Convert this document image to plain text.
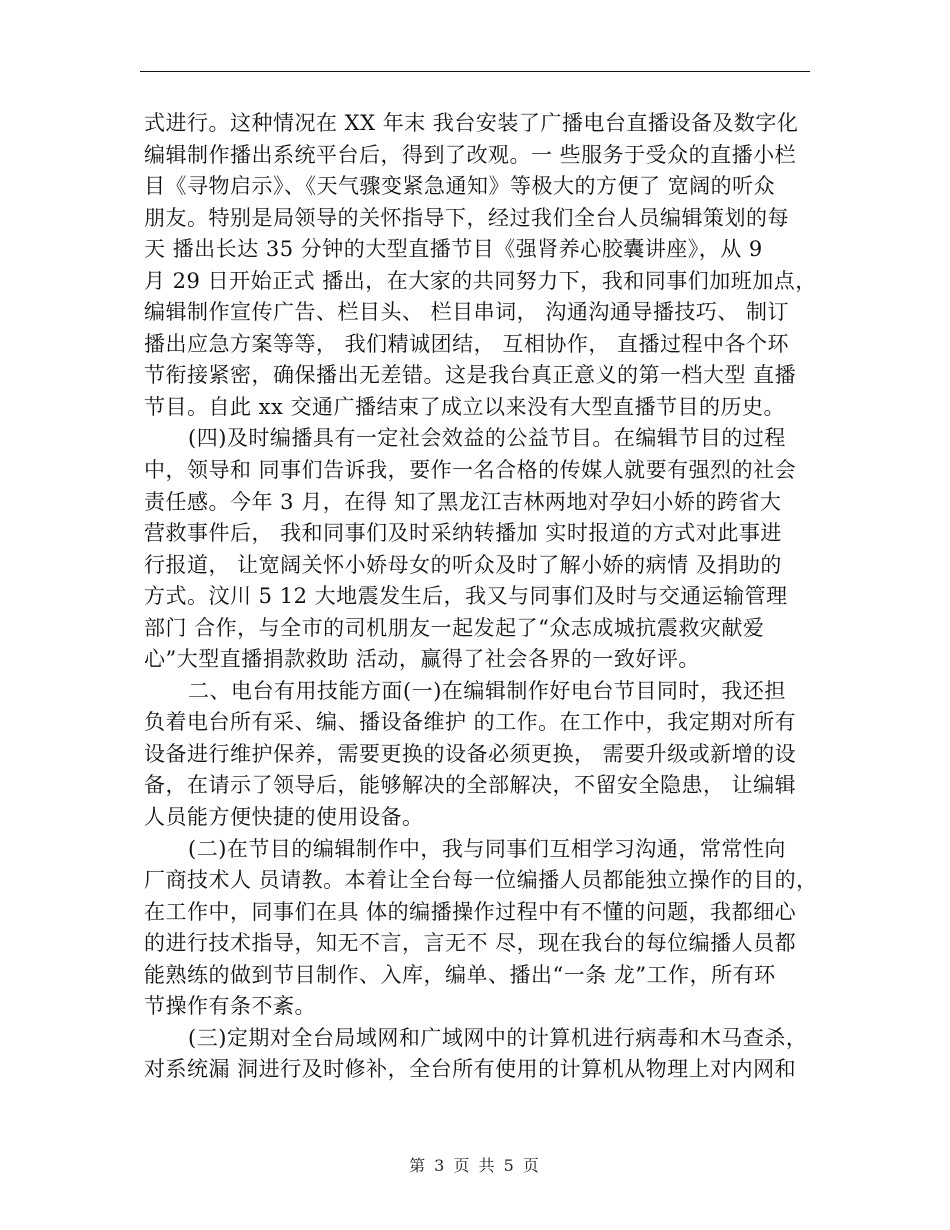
式进行。这种情况在 XX 年末 我台安装了广播电台直播设备及数字化
编辑制作播出系统平台后，得到了改观。一 些服务于受众的直播小栏
目《寻物启示》、《天气骤变紧急通知》等极大的方便了 宽阔的听众
朋友。特别是局领导的关怀指导下，经过我们全台人员编辑策划的每
天 播出长达 35 分钟的大型直播节目《强肾养心胶囊讲座》，从 9
月 29 日开始正式 播出，在大家的共同努力下，我和同事们加班加点，
编辑制作宣传广告、栏目头、 栏目串词， 沟通沟通导播技巧、 制订
播出应急方案等等， 我们精诚团结， 互相协作， 直播过程中各个环
节衔接紧密，确保播出无差错。这是我台真正意义的第一档大型 直播
节目。自此 xx 交通广播结束了成立以来没有大型直播节目的历史。
(四)及时编播具有一定社会效益的公益节目。在编辑节目的过程
中，领导和 同事们告诉我，要作一名合格的传媒人就要有强烈的社会
责任感。今年 3 月，在得 知了黑龙江吉林两地对孕妇小娇的跨省大
营救事件后， 我和同事们及时采纳转播加 实时报道的方式对此事进
行报道， 让宽阔关怀小娇母女的听众及时了解小娇的病情 及捐助的
方式。汶川 5 12 大地震发生后，我又与同事们及时与交通运输管理
部门 合作，与全市的司机朋友一起发起了“众志成城抗震救灾献爱
心”大型直播捐款救助 活动，赢得了社会各界的一致好评。
二、电台有用技能方面(一)在编辑制作好电台节目同时，我还担
负着电台所有采、编、播设备维护 的工作。在工作中，我定期对所有
设备进行维护保养，需要更换的设备必须更换， 需要升级或新增的设
备，在请示了领导后，能够解决的全部解决，不留安全隐患， 让编辑
人员能方便快捷的使用设备。
(二)在节目的编辑制作中，我与同事们互相学习沟通，常常性向
厂商技术人 员请教。本着让全台每一位编播人员都能独立操作的目的，
在工作中，同事们在具 体的编播操作过程中有不懂的问题，我都细心
的进行技术指导，知无不言，言无不 尽，现在我台的每位编播人员都
能熟练的做到节目制作、入库，编单、播出“一条 龙”工作，所有环
节操作有条不紊。
(三)定期对全台局域网和广域网中的计算机进行病毒和木马查杀，
对系统漏 洞进行及时修补，全台所有使用的计算机从物理上对内网和
第 3 页 共 5 页
